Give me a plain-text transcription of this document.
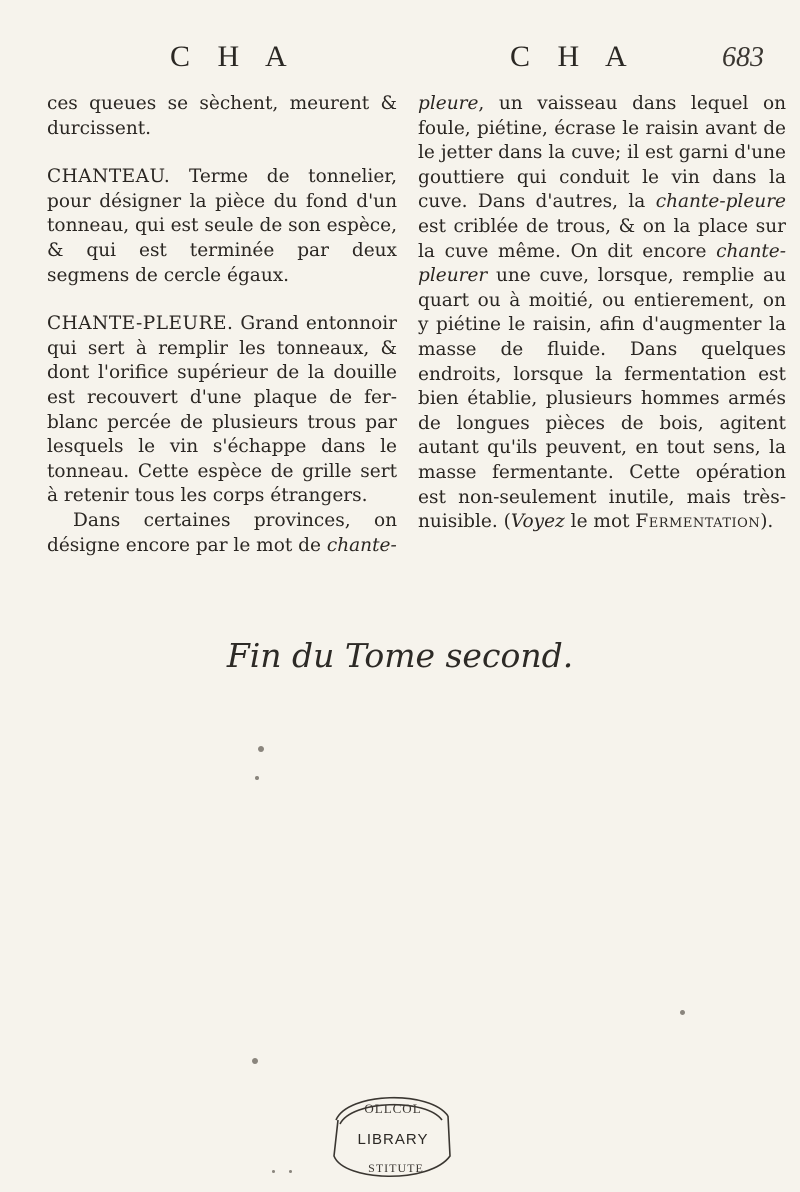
C H A	C H A	683

ces queues se sèchent, meurent & durcissent.

CHANTEAU. Terme de tonnelier, pour désigner la pièce du fond d'un tonneau, qui est seule de son espèce, & qui est terminée par deux segmens de cercle égaux.

CHANTE-PLEURE. Grand entonnoir qui sert à remplir les tonneaux, & dont l'orifice supérieur de la douille est recouvert d'une plaque de fer-blanc percée de plusieurs trous par lesquels le vin s'échappe dans le tonneau. Cette espèce de grille sert à retenir tous les corps étrangers.

Dans certaines provinces, on désigne encore par le mot de chante-

pleure, un vaisseau dans lequel on foule, piétine, écrase le raisin avant de le jetter dans la cuve; il est garni d'une gouttiere qui conduit le vin dans la cuve. Dans d'autres, la chante-pleure est criblée de trous, & on la place sur la cuve même. On dit encore chante-pleurer une cuve, lorsque, remplie au quart ou à moitié, ou entierement, on y piétine le raisin, afin d'augmenter la masse de fluide. Dans quelques endroits, lorsque la fermentation est bien établie, plusieurs hommes armés de longues pièces de bois, agitent autant qu'ils peuvent, en tout sens, la masse fermentante. Cette opération est non-seulement inutile, mais très-nuisible. (Voyez le mot Fermentation).

Fin du Tome second.
OLLCOL
LIBRARY
STITUTE
